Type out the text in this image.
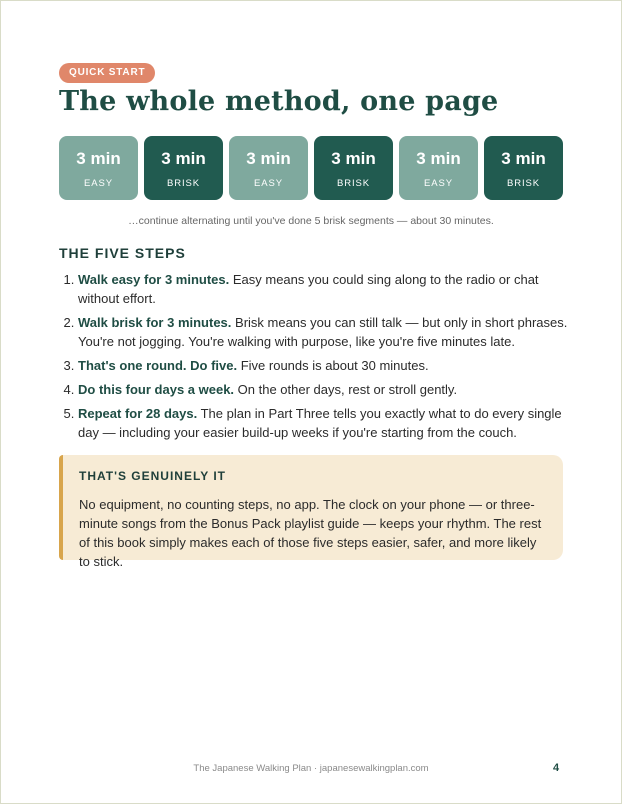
QUICK START
The whole method, one page
3 min
EASY
3 min
BRISK
3 min
EASY
3 min
BRISK
3 min
EASY
3 min
BRISK
…continue alternating until you've done 5 brisk segments — about 30 minutes.
THE FIVE STEPS
1. Walk easy for 3 minutes. Easy means you could sing along to the radio or chat without effort.
2. Walk brisk for 3 minutes. Brisk means you can still talk — but only in short phrases. You're not jogging. You're walking with purpose, like you're five minutes late.
3. That's one round. Do five. Five rounds is about 30 minutes.
4. Do this four days a week. On the other days, rest or stroll gently.
5. Repeat for 28 days. The plan in Part Three tells you exactly what to do every single day — including your easier build-up weeks if you're starting from the couch.
THAT'S GENUINELY IT
No equipment, no counting steps, no app. The clock on your phone — or three-minute songs from the Bonus Pack playlist guide — keeps your rhythm. The rest of this book simply makes each of those five steps easier, safer, and more likely to stick.
The Japanese Walking Plan · japanesewalkingplan.com	4
